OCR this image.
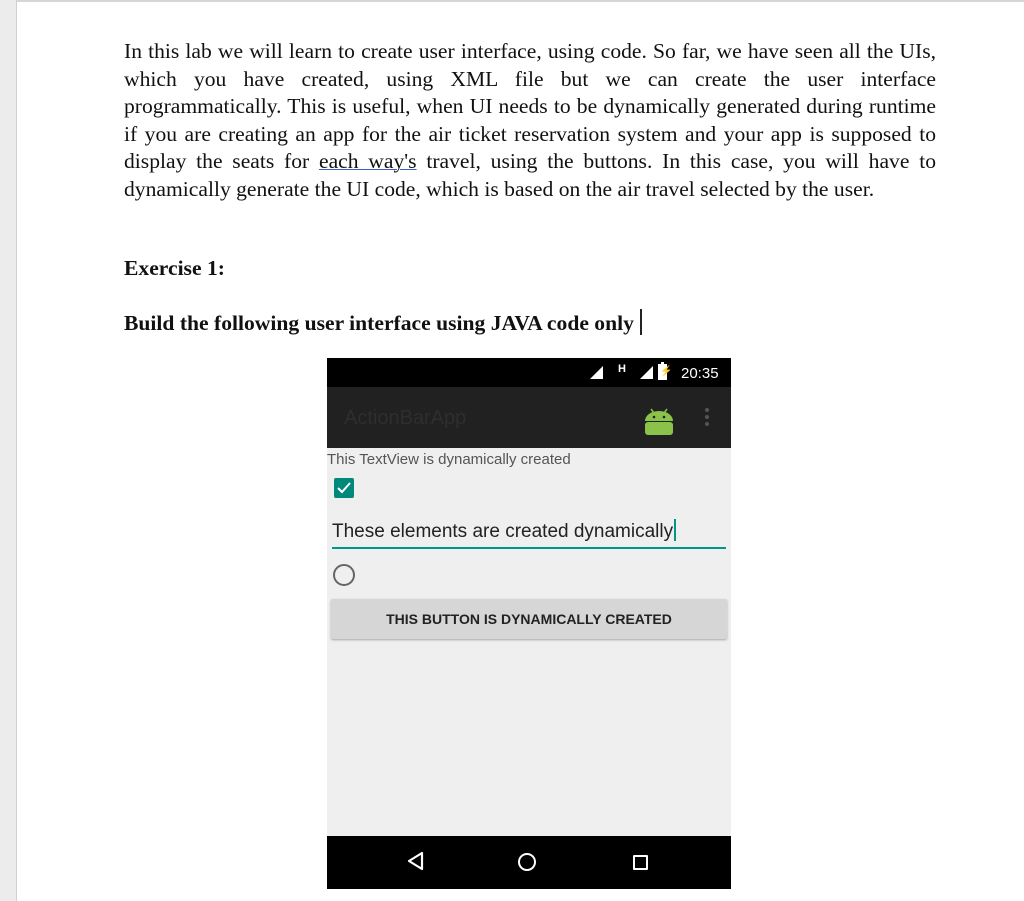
In this lab we will learn to create user interface, using code. So far, we have seen all the UIs, which you have created, using XML file but we can create the user interface programmatically. This is useful, when UI needs to be dynamically generated during runtime if you are creating an app for the air ticket reservation system and your app is supposed to display the seats for each way's travel, using the buttons. In this case, you will have to dynamically generate the UI code, which is based on the air travel selected by the user.

Exercise 1:

Build the following user interface using JAVA code only

H	⚡ 20:35
ActionBarApp
This TextView is dynamically created
These elements are created dynamically
THIS BUTTON IS DYNAMICALLY CREATED
